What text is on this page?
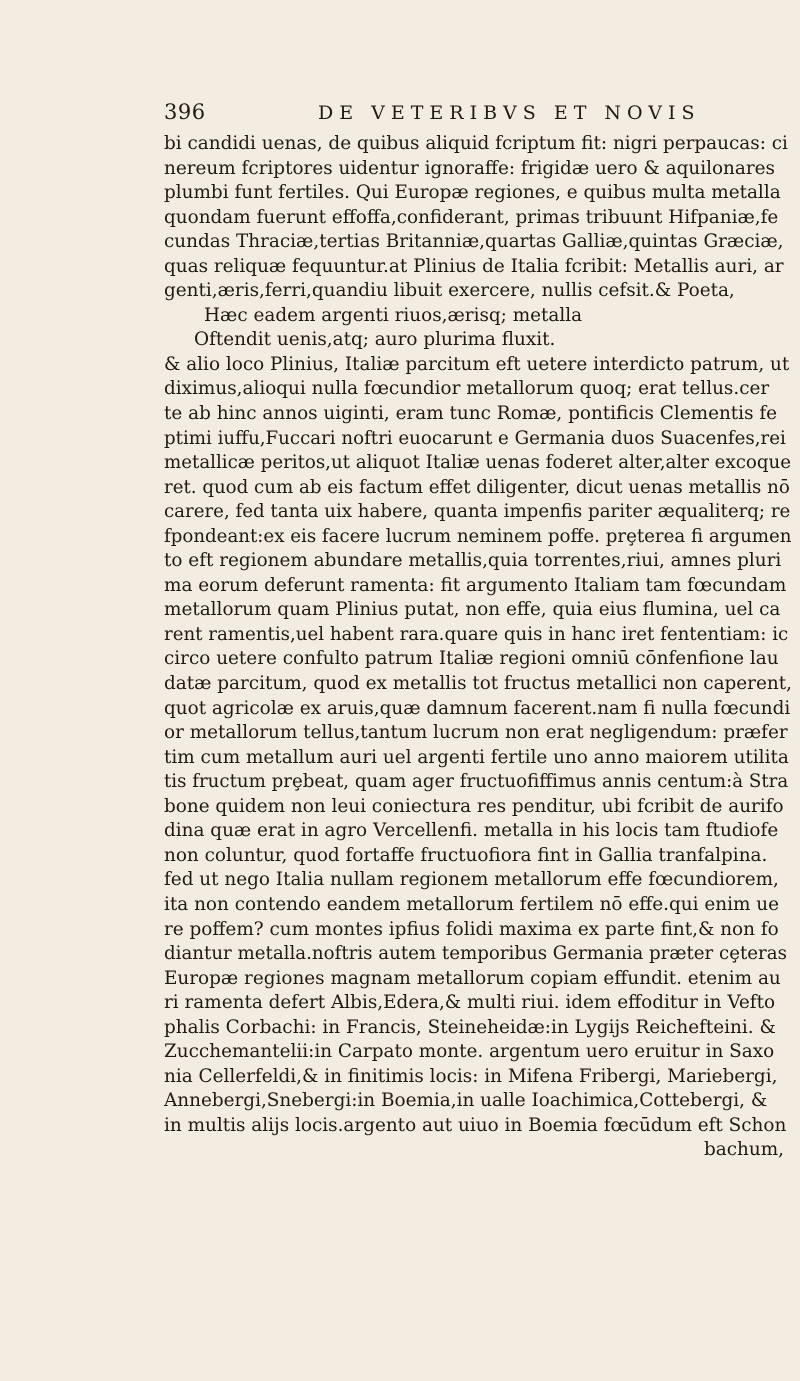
396	DE VETERIBVS ET NOVIS
bi candidi uenas, de quibus aliquid fcriptum fit: nigri perpaucas: ci
nereum fcriptores uidentur ignoraffe: frigidæ uero & aquilonares
plumbi funt fertiles. Qui Europæ regiones, e quibus multa metalla
quondam fuerunt effoffa,confiderant, primas tribuunt Hifpaniæ,fe
cundas Thraciæ,tertias Britanniæ,quartas Galliæ,quintas Græciæ,
quas reliquæ fequuntur.at Plinius de Italia fcribit: Metallis auri, ar
genti,æris,ferri,quandiu libuit exercere, nullis cefsit.& Poeta,
Hæc eadem argenti riuos,ærisq; metalla
Oftendit uenis,atq; auro plurima fluxit.
& alio loco Plinius, Italiæ parcitum eft uetere interdicto patrum, ut
diximus,alioqui nulla fœcundior metallorum quoq; erat tellus.cer
te ab hinc annos uiginti, eram tunc Romæ, pontificis Clementis fe
ptimi iuffu,Fuccari noftri euocarunt e Germania duos Suacenfes,rei
metallicæ peritos,ut aliquot Italiæ uenas foderet alter,alter excoque
ret. quod cum ab eis factum effet diligenter, dicut uenas metallis nō
carere, fed tanta uix habere, quanta impenfis pariter æqualiterq; re
fpondeant:ex eis facere lucrum neminem poffe. prȩterea fi argumen
to eft regionem abundare metallis,quia torrentes,riui, amnes pluri
ma eorum deferunt ramenta: fit argumento Italiam tam fœcundam
metallorum quam Plinius putat, non effe, quia eius flumina, uel ca
rent ramentis,uel habent rara.quare quis in hanc iret fententiam: ic
circo uetere confulto patrum Italiæ regioni omniū cōnfenfione lau
datæ parcitum, quod ex metallis tot fructus metallici non caperent,
quot agricolæ ex aruis,quæ damnum facerent.nam fi nulla fœcundi
or metallorum tellus,tantum lucrum non erat negligendum: præfer
tim cum metallum auri uel argenti fertile uno anno maiorem utilita
tis fructum prȩbeat, quam ager fructuofiffimus annis centum:à Stra
bone quidem non leui coniectura res penditur, ubi fcribit de aurifo
dina quæ erat in agro Vercellenfi. metalla in his locis tam ftudiofe
non coluntur, quod fortaffe fructuofiora fint in Gallia tranfalpina.
fed ut nego Italia nullam regionem metallorum effe fœcundiorem,
ita non contendo eandem metallorum fertilem nō effe.qui enim ue
re poffem? cum montes ipfius folidi maxima ex parte fint,& non fo
diantur metalla.noftris autem temporibus Germania præter cȩteras
Europæ regiones magnam metallorum copiam effundit. etenim au
ri ramenta defert Albis,Edera,& multi riui. idem effoditur in Vefto
phalis Corbachi: in Francis, Steineheidæ:in Lygijs Reichefteini. &
Zucchemantelii:in Carpato monte. argentum uero eruitur in Saxo
nia Cellerfeldi,& in finitimis locis: in Mifena Fribergi, Mariebergi,
Annebergi,Snebergi:in Boemia,in ualle Ioachimica,Cottebergi, &
in multis alijs locis.argento aut uiuo in Boemia fœcūdum eft Schon
bachum,
